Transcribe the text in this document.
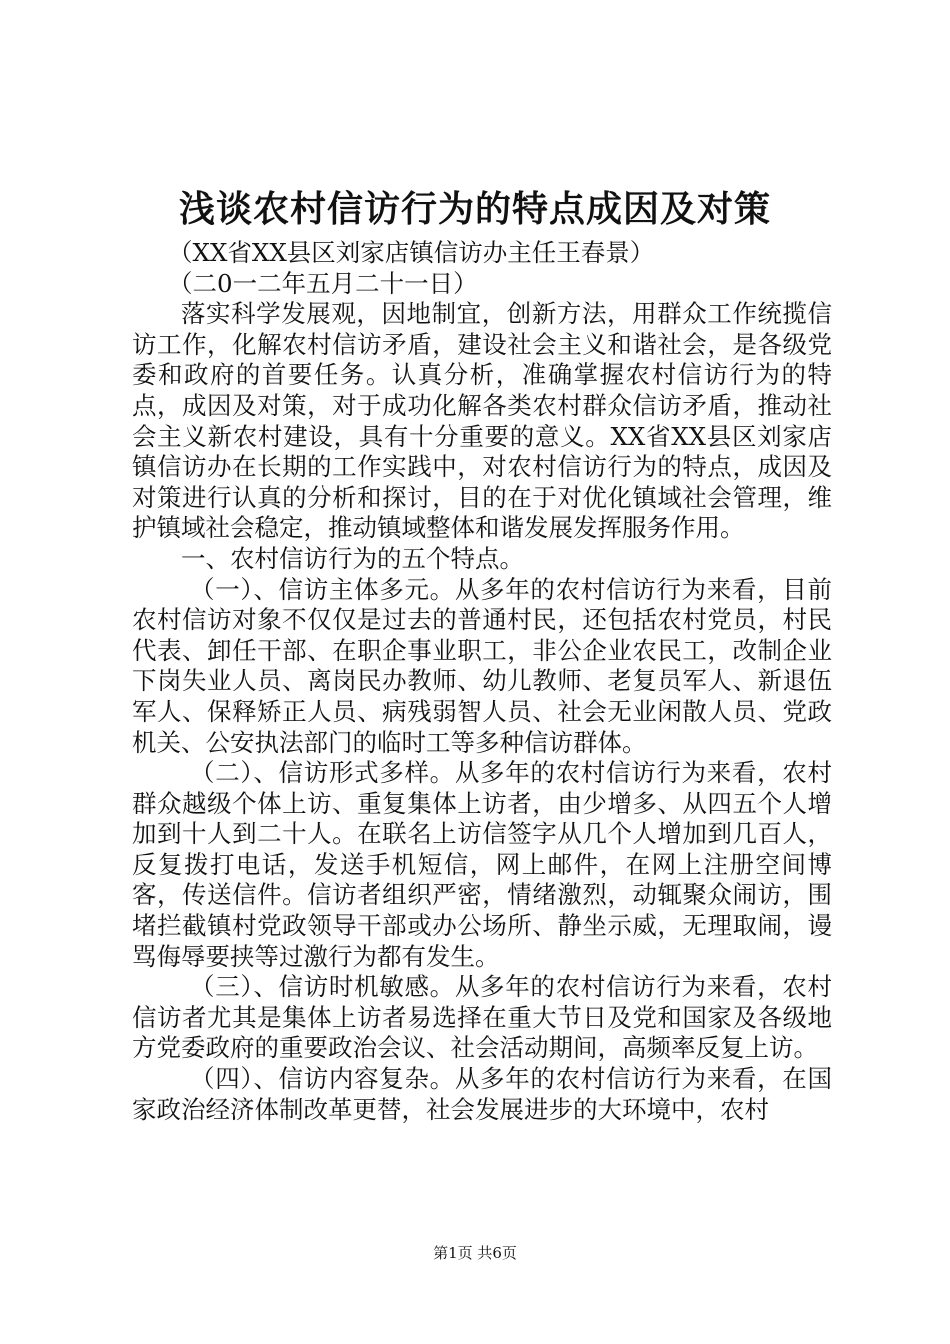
浅谈农村信访行为的特点成因及对策

（XX省XX县区刘家店镇信访办主任王春景）

（二0一二年五月二十一日）

落实科学发展观，因地制宜，创新方法，用群众工作统揽信访工作，化解农村信访矛盾，建设社会主义和谐社会，是各级党委和政府的首要任务。认真分析，准确掌握农村信访行为的特点，成因及对策，对于成功化解各类农村群众信访矛盾，推动社会主义新农村建设，具有十分重要的意义。XX省XX县区刘家店镇信访办在长期的工作实践中，对农村信访行为的特点，成因及对策进行认真的分析和探讨，目的在于对优化镇域社会管理，维护镇域社会稳定，推动镇域整体和谐发展发挥服务作用。

一、农村信访行为的五个特点。

（一）、信访主体多元。从多年的农村信访行为来看，目前农村信访对象不仅仅是过去的普通村民，还包括农村党员，村民代表、卸任干部、在职企事业职工，非公企业农民工，改制企业下岗失业人员、离岗民办教师、幼儿教师、老复员军人、新退伍军人、保释矫正人员、病残弱智人员、社会无业闲散人员、党政机关、公安执法部门的临时工等多种信访群体。

（二）、信访形式多样。从多年的农村信访行为来看，农村群众越级个体上访、重复集体上访者，由少增多、从四五个人增加到十人到二十人。在联名上访信签字从几个人增加到几百人，反复拨打电话，发送手机短信，网上邮件，在网上注册空间博客，传送信件。信访者组织严密，情绪激烈，动辄聚众闹访，围堵拦截镇村党政领导干部或办公场所、静坐示威，无理取闹，谩骂侮辱要挟等过激行为都有发生。

（三）、信访时机敏感。从多年的农村信访行为来看，农村信访者尤其是集体上访者易选择在重大节日及党和国家及各级地方党委政府的重要政治会议、社会活动期间，高频率反复上访。

（四）、信访内容复杂。从多年的农村信访行为来看，在国家政治经济体制改革更替，社会发展进步的大环境中，农村

第1页 共6页
